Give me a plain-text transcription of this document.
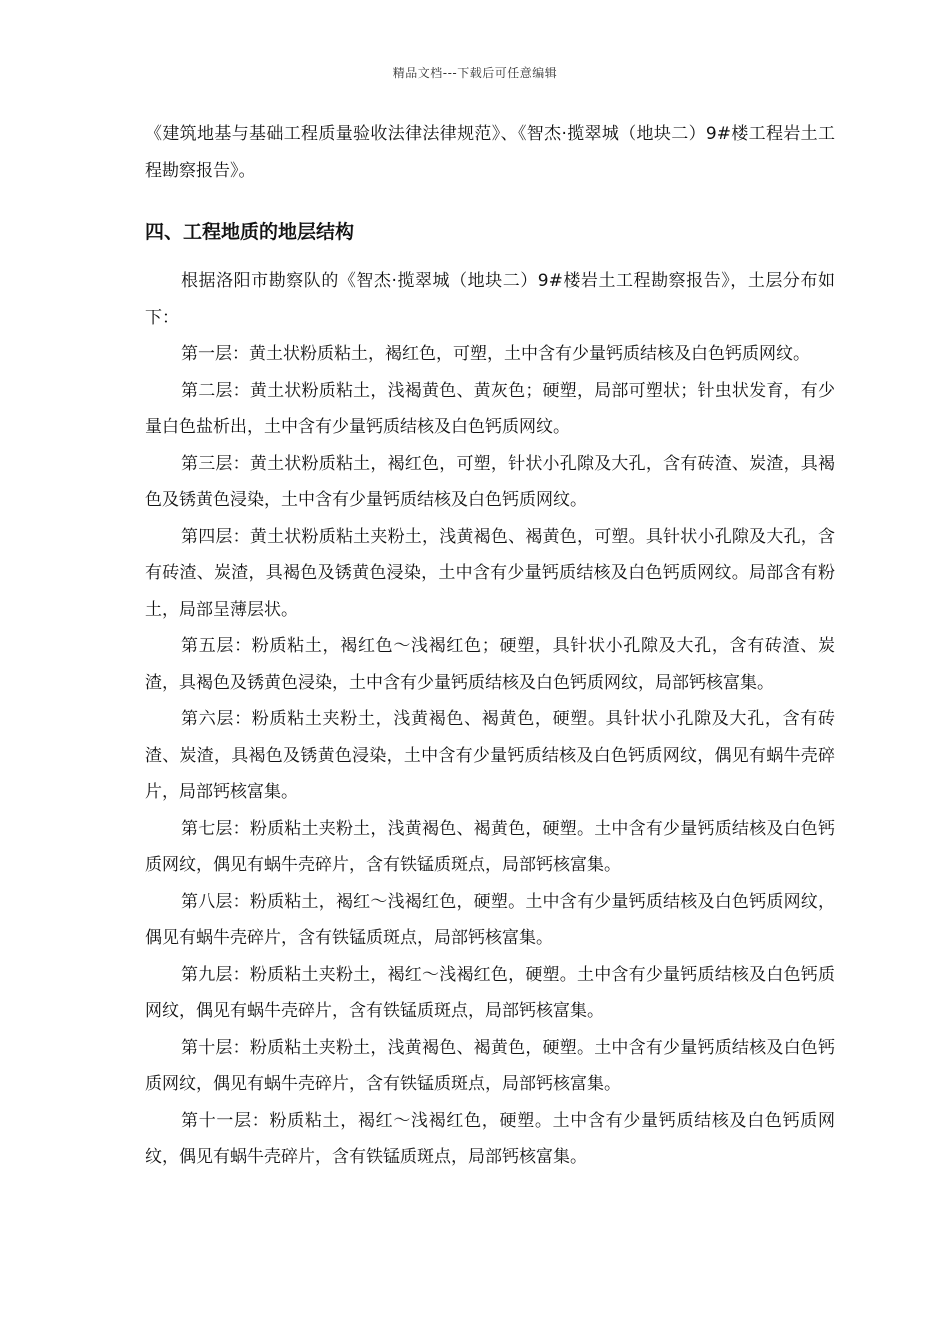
精品文档---下载后可任意编辑

《建筑地基与基础工程质量验收法律法律规范》、《智杰·揽翠城（地块二）9#楼工程岩土工程勘察报告》。

四、工程地质的地层结构

根据洛阳市勘察队的《智杰·揽翠城（地块二）9#楼岩土工程勘察报告》，土层分布如下：

第一层：黄土状粉质粘土，褐红色，可塑，土中含有少量钙质结核及白色钙质网纹。

第二层：黄土状粉质粘土，浅褐黄色、黄灰色；硬塑，局部可塑状；针虫状发育，有少量白色盐析出，土中含有少量钙质结核及白色钙质网纹。

第三层：黄土状粉质粘土，褐红色，可塑，针状小孔隙及大孔，含有砖渣、炭渣，具褐色及锈黄色浸染，土中含有少量钙质结核及白色钙质网纹。

第四层：黄土状粉质粘土夹粉土，浅黄褐色、褐黄色，可塑。具针状小孔隙及大孔，含有砖渣、炭渣，具褐色及锈黄色浸染，土中含有少量钙质结核及白色钙质网纹。局部含有粉土，局部呈薄层状。

第五层：粉质粘土，褐红色～浅褐红色；硬塑，具针状小孔隙及大孔，含有砖渣、炭渣，具褐色及锈黄色浸染，土中含有少量钙质结核及白色钙质网纹，局部钙核富集。

第六层：粉质粘土夹粉土，浅黄褐色、褐黄色，硬塑。具针状小孔隙及大孔，含有砖渣、炭渣，具褐色及锈黄色浸染，土中含有少量钙质结核及白色钙质网纹，偶见有蜗牛壳碎片，局部钙核富集。

第七层：粉质粘土夹粉土，浅黄褐色、褐黄色，硬塑。土中含有少量钙质结核及白色钙质网纹，偶见有蜗牛壳碎片，含有铁锰质斑点，局部钙核富集。

第八层：粉质粘土，褐红～浅褐红色，硬塑。土中含有少量钙质结核及白色钙质网纹，偶见有蜗牛壳碎片，含有铁锰质斑点，局部钙核富集。

第九层：粉质粘土夹粉土，褐红～浅褐红色，硬塑。土中含有少量钙质结核及白色钙质网纹，偶见有蜗牛壳碎片，含有铁锰质斑点，局部钙核富集。

第十层：粉质粘土夹粉土，浅黄褐色、褐黄色，硬塑。土中含有少量钙质结核及白色钙质网纹，偶见有蜗牛壳碎片，含有铁锰质斑点，局部钙核富集。

第十一层：粉质粘土，褐红～浅褐红色，硬塑。土中含有少量钙质结核及白色钙质网纹，偶见有蜗牛壳碎片，含有铁锰质斑点，局部钙核富集。
